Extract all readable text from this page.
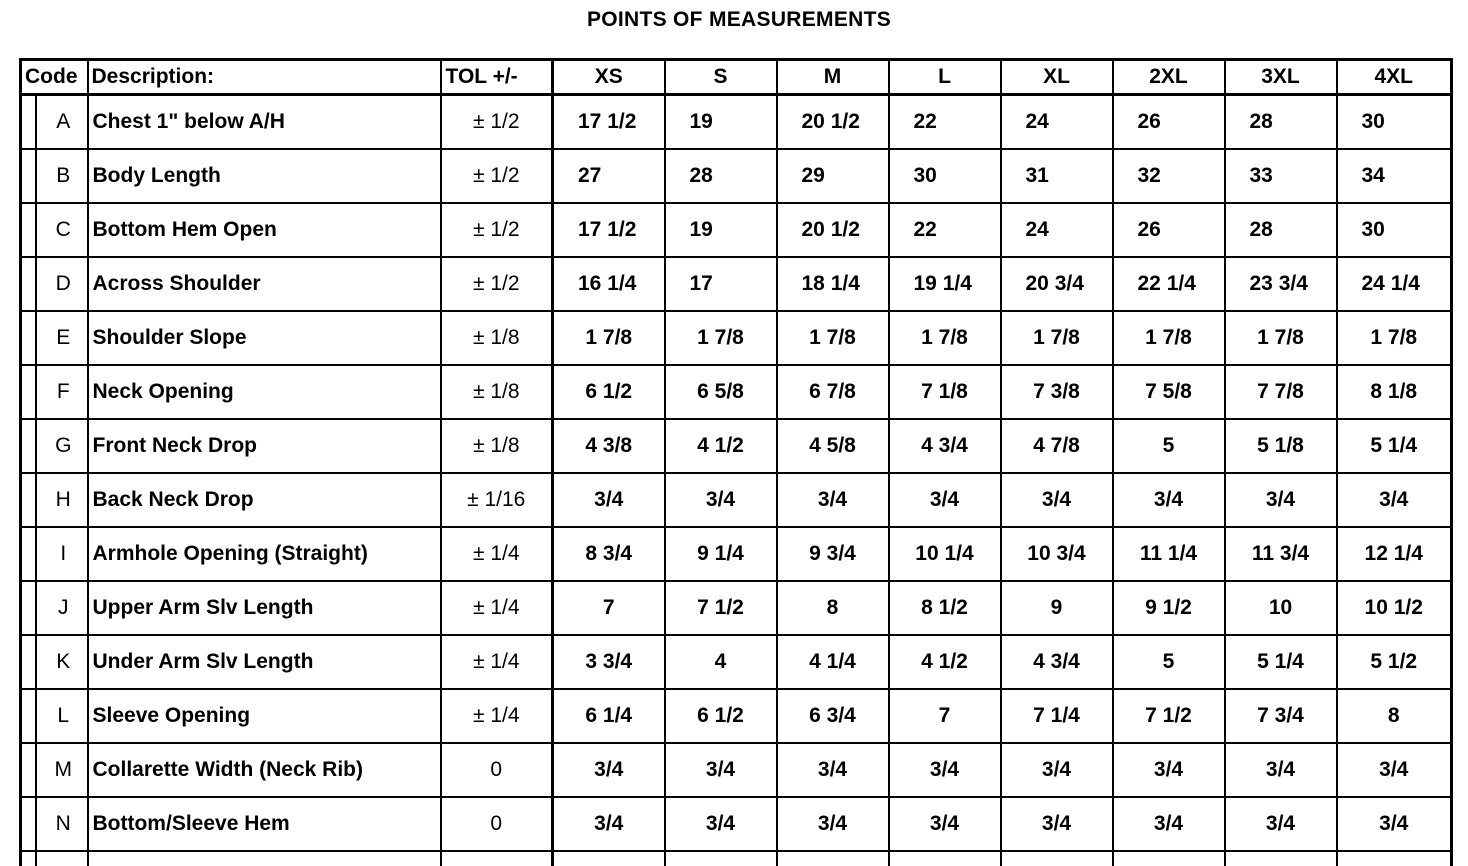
POINTS OF MEASUREMENTS
Code	Description:	TOL +/-	XS	S	M	L	XL	2XL	3XL	4XL

A	Chest 1" below A/H	± 1/2	17 1/2	19	20 1/2	22	24	26	28	30

B	Body Length	± 1/2	27	28	29	30	31	32	33	34

C	Bottom Hem Open	± 1/2	17 1/2	19	20 1/2	22	24	26	28	30

D	Across Shoulder	± 1/2	16 1/4	17	18 1/4	19 1/4	20 3/4	22 1/4	23 3/4	24 1/4

E	Shoulder Slope	± 1/8	1 7/8	1 7/8	1 7/8	1 7/8	1 7/8	1 7/8	1 7/8	1 7/8

F	Neck Opening	± 1/8	6 1/2	6 5/8	6 7/8	7 1/8	7 3/8	7 5/8	7 7/8	8 1/8

G	Front Neck Drop	± 1/8	4 3/8	4 1/2	4 5/8	4 3/4	4 7/8	5	5 1/8	5 1/4

H	Back Neck Drop	± 1/16	3/4	3/4	3/4	3/4	3/4	3/4	3/4	3/4

I	Armhole Opening (Straight)	± 1/4	8 3/4	9 1/4	9 3/4	10 1/4	10 3/4	11 1/4	11 3/4	12 1/4

J	Upper Arm Slv Length	± 1/4	7	7 1/2	8	8 1/2	9	9 1/2	10	10 1/2

K	Under Arm Slv Length	± 1/4	3 3/4	4	4 1/4	4 1/2	4 3/4	5	5 1/4	5 1/2

L	Sleeve Opening	± 1/4	6 1/4	6 1/2	6 3/4	7	7 1/4	7 1/2	7 3/4	8

M	Collarette Width (Neck Rib)	0	3/4	3/4	3/4	3/4	3/4	3/4	3/4	3/4

N	Bottom/Sleeve Hem	0	3/4	3/4	3/4	3/4	3/4	3/4	3/4	3/4
